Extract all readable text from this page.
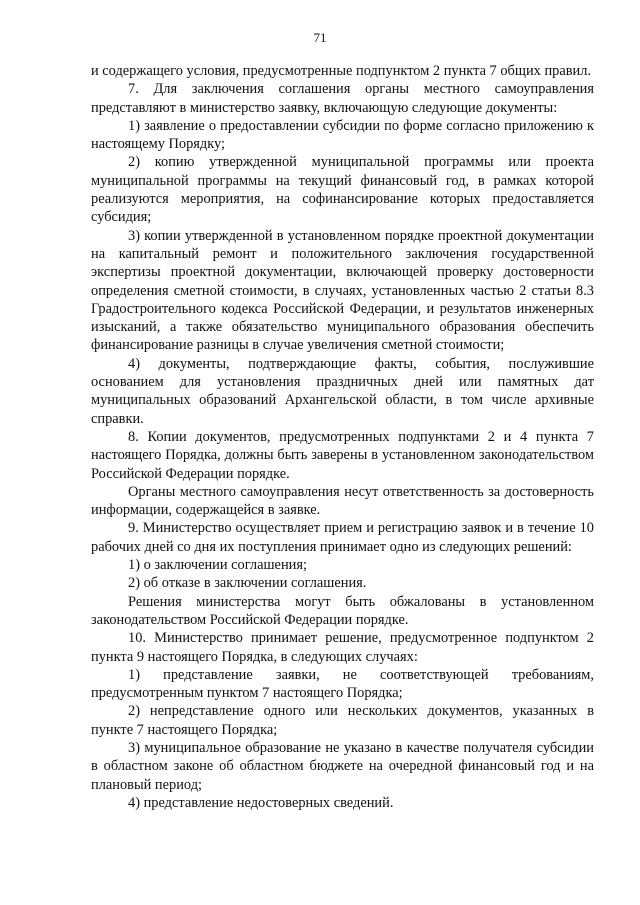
71

и содержащего условия, предусмотренные подпунктом 2 пункта 7 общих правил.

7. Для заключения соглашения органы местного самоуправления представляют в министерство заявку, включающую следующие документы:

1) заявление о предоставлении субсидии по форме согласно приложению к настоящему Порядку;

2) копию утвержденной муниципальной программы или проекта муниципальной программы на текущий финансовый год, в рамках которой реализуются мероприятия, на софинансирование которых предоставляется субсидия;

3) копии утвержденной в установленном порядке проектной документации на капитальный ремонт и положительного заключения государственной экспертизы проектной документации, включающей проверку достоверности определения сметной стоимости, в случаях, установленных частью 2 статьи 8.3 Градостроительного кодекса Российской Федерации, и результатов инженерных изысканий, а также обязательство муниципального образования обеспечить финансирование разницы в случае увеличения сметной стоимости;

4) документы, подтверждающие факты, события, послужившие основанием для установления праздничных дней или памятных дат муниципальных образований Архангельской области, в том числе архивные справки.

8. Копии документов, предусмотренных подпунктами 2 и 4 пункта 7 настоящего Порядка, должны быть заверены в установленном законодательством Российской Федерации порядке.

Органы местного самоуправления несут ответственность за достоверность информации, содержащейся в заявке.

9. Министерство осуществляет прием и регистрацию заявок и в течение 10 рабочих дней со дня их поступления принимает одно из следующих решений:

1) о заключении соглашения;

2) об отказе в заключении соглашения.

Решения министерства могут быть обжалованы в установленном законодательством Российской Федерации порядке.

10. Министерство принимает решение, предусмотренное подпунктом 2 пункта 9 настоящего Порядка, в следующих случаях:

1) представление заявки, не соответствующей требованиям, предусмотренным пунктом 7 настоящего Порядка;

2) непредставление одного или нескольких документов, указанных в пункте 7 настоящего Порядка;

3) муниципальное образование не указано в качестве получателя субсидии в областном законе об областном бюджете на очередной финансовый год и на плановый период;

4) представление недостоверных сведений.
